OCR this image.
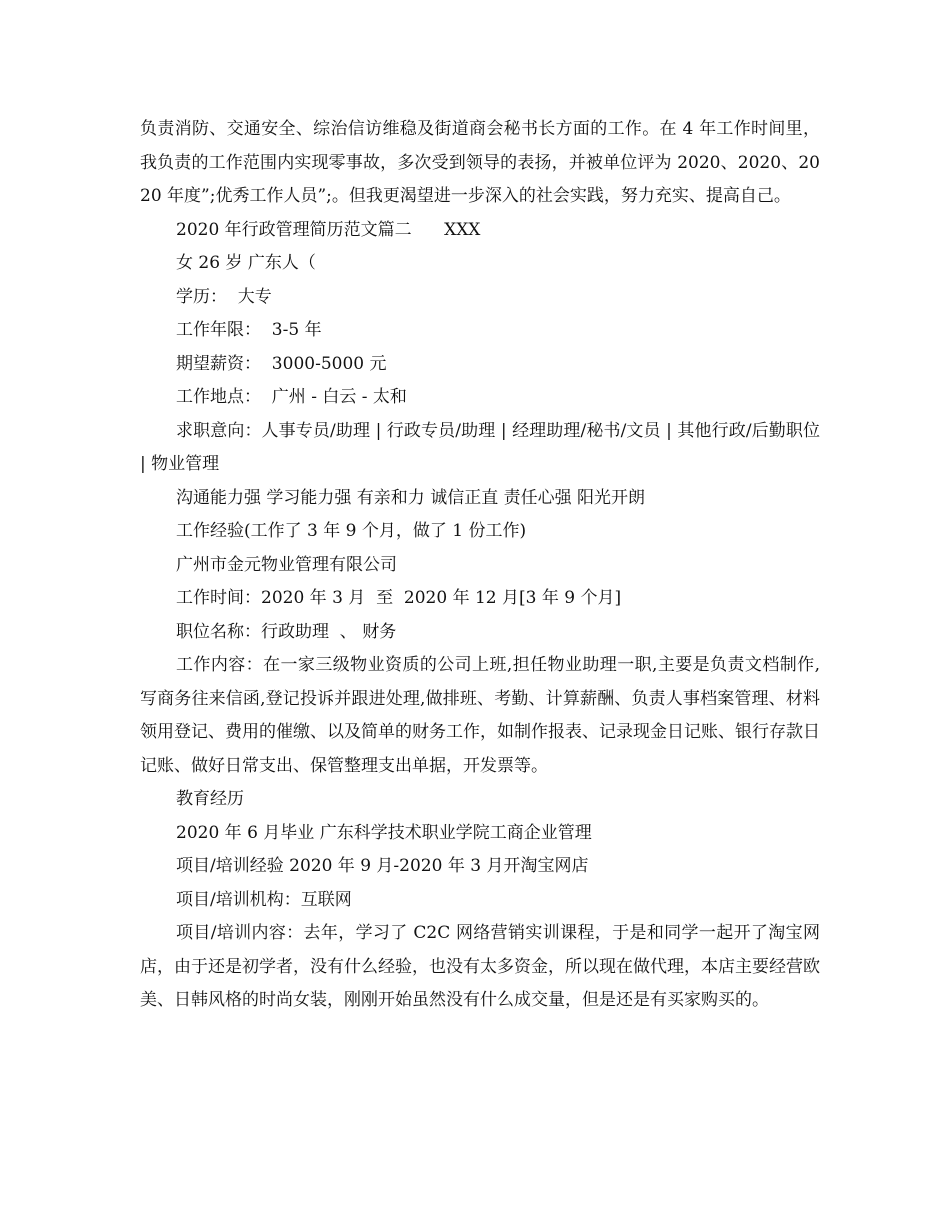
负责消防、交通安全、综治信访维稳及街道商会秘书长方面的工作。在 4 年工作时间里，我负责的工作范围内实现零事故，多次受到领导的表扬，并被单位评为 2020、2020、2020 年度”;优秀工作人员”;。但我更渴望进一步深入的社会实践，努力充实、提高自己。

2020 年行政管理简历范文篇二      XXX

女 26 岁 广东人（

学历：  大专

工作年限：  3-5 年

期望薪资：  3000-5000 元

工作地点：  广州 - 白云 - 太和

求职意向：人事专员/助理 | 行政专员/助理 | 经理助理/秘书/文员 | 其他行政/后勤职位 | 物业管理

沟通能力强 学习能力强 有亲和力 诚信正直 责任心强 阳光开朗

工作经验(工作了 3 年 9 个月，做了 1 份工作)

广州市金元物业管理有限公司

工作时间：2020 年 3 月  至  2020 年 12 月[3 年 9 个月]

职位名称：行政助理  、 财务

工作内容：在一家三级物业资质的公司上班,担任物业助理一职,主要是负责文档制作,写商务往来信函,登记投诉并跟进处理,做排班、考勤、计算薪酬、负责人事档案管理、材料领用登记、费用的催缴、以及简单的财务工作，如制作报表、记录现金日记账、银行存款日记账、做好日常支出、保管整理支出单据，开发票等。

教育经历

2020 年 6 月毕业 广东科学技术职业学院工商企业管理

项目/培训经验 2020 年 9 月-2020 年 3 月开淘宝网店

项目/培训机构：互联网

项目/培训内容：去年，学习了 C2C 网络营销实训课程，于是和同学一起开了淘宝网店，由于还是初学者，没有什么经验，也没有太多资金，所以现在做代理，本店主要经营欧美、日韩风格的时尚女装，刚刚开始虽然没有什么成交量，但是还是有买家购买的。
